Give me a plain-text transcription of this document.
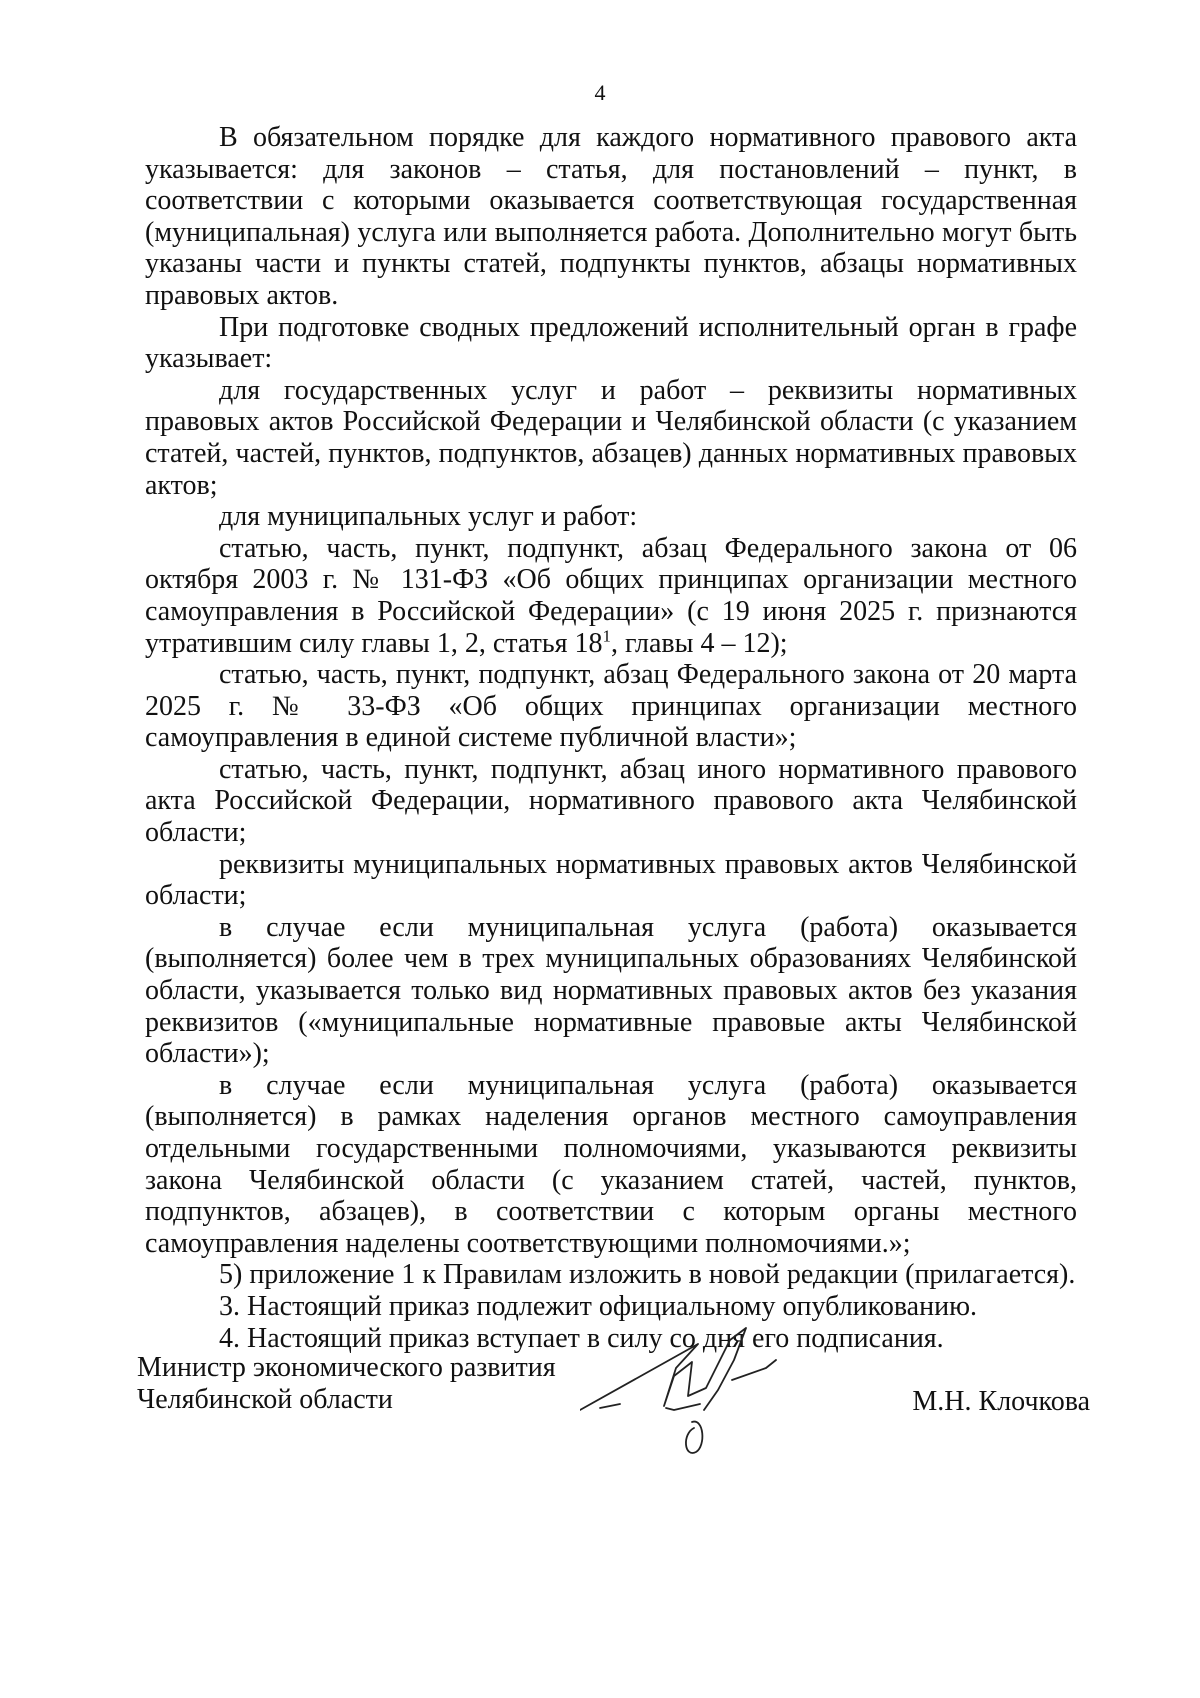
4

В обязательном порядке для каждого нормативного правового акта указывается: для законов – статья, для постановлений – пункт, в соответствии с которыми оказывается соответствующая государственная (муниципальная) услуга или выполняется работа. Дополнительно могут быть указаны части и пункты статей, подпункты пунктов, абзацы нормативных правовых актов.

При подготовке сводных предложений исполнительный орган в графе указывает:

для государственных услуг и работ – реквизиты нормативных правовых актов Российской Федерации и Челябинской области (с указанием статей, частей, пунктов, подпунктов, абзацев) данных нормативных правовых актов;

для муниципальных услуг и работ:

статью, часть, пункт, подпункт, абзац Федерального закона от 06 октября 2003 г. № 131-ФЗ «Об общих принципах организации местного самоуправления в Российской Федерации» (с 19 июня 2025 г. признаются утратившим силу главы 1, 2, статья $18^1$, главы 4 – 12);

статью, часть, пункт, подпункт, абзац Федерального закона от 20 марта 2025 г. № 33-ФЗ «Об общих принципах организации местного самоуправления в единой системе публичной власти»;

статью, часть, пункт, подпункт, абзац иного нормативного правового акта Российской Федерации, нормативного правового акта Челябинской области;

реквизиты муниципальных нормативных правовых актов Челябинской области;

в случае если муниципальная услуга (работа) оказывается (выполняется) более чем в трех муниципальных образованиях Челябинской области, указывается только вид нормативных правовых актов без указания реквизитов («муниципальные нормативные правовые акты Челябинской области»);

в случае если муниципальная услуга (работа) оказывается (выполняется) в рамках наделения органов местного самоуправления отдельными государственными полномочиями, указываются реквизиты закона Челябинской области (с указанием статей, частей, пунктов, подпунктов, абзацев), в соответствии с которым органы местного самоуправления наделены соответствующими полномочиями.»;

5) приложение 1 к Правилам изложить в новой редакции (прилагается).

3. Настоящий приказ подлежит официальному опубликованию.

4. Настоящий приказ вступает в силу со дня его подписания.

Министр экономического развития
Челябинской области	М.Н. Клочкова
